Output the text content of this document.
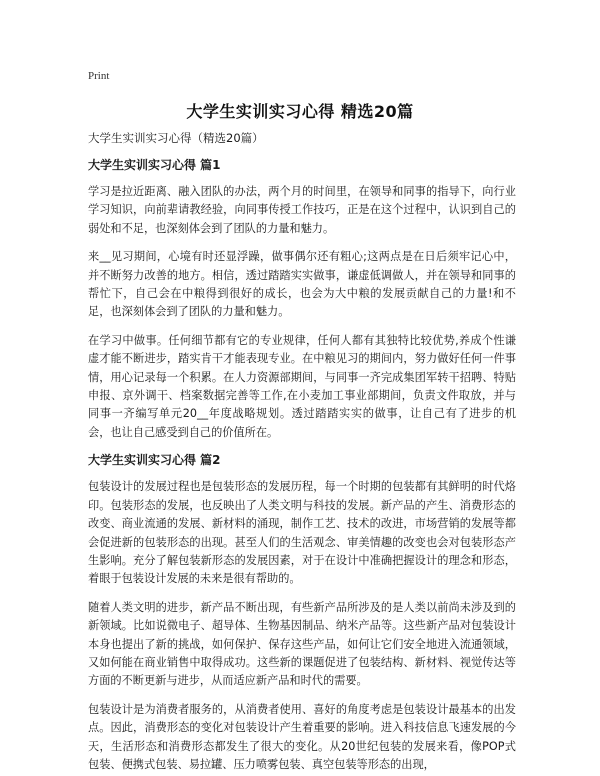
Print
大学生实训实习心得 精选20篇
大学生实训实习心得（精选20篇）
大学生实训实习心得 篇1

学习是拉近距离、融入团队的办法，两个月的时间里，在领导和同事的指导下，向行业学习知识，向前辈请教经验，向同事传授工作技巧，正是在这个过程中，认识到自己的弱处和不足，也深刻体会到了团队的力量和魅力。

来__见习期间，心境有时还显浮躁，做事偶尔还有粗心;这两点是在日后须牢记心中，并不断努力改善的地方。相信，透过踏踏实实做事，谦虚低调做人，并在领导和同事的帮忙下，自己会在中粮得到很好的成长，也会为大中粮的发展贡献自己的力量!和不足，也深刻体会到了团队的力量和魅力。

在学习中做事。任何细节都有它的专业规律，任何人都有其独特比较优势,养成个性谦虚才能不断进步，踏实肯干才能表现专业。在中粮见习的期间内，努力做好任何一件事情，用心记录每一个积累。在人力资源部期间，与同事一齐完成集团军转干招聘、特贴申报、京外调干、档案数据完善等工作,在小麦加工事业部期间，负责文件取放，并与同事一齐编写单元20__年度战略规划。透过踏踏实实的做事，让自己有了进步的机会，也让自己感受到自己的价值所在。

大学生实训实习心得 篇2

包装设计的发展过程也是包装形态的发展历程，每一个时期的包装都有其鲜明的时代烙印。包装形态的发展，也反映出了人类文明与科技的发展。新产品的产生、消费形态的改变、商业流通的发展、新材料的涌现，制作工艺、技术的改进，市场营销的发展等都会促进新的包装形态的出现。甚至人们的生活观念、审美情趣的改变也会对包装形态产生影响。充分了解包装新形态的发展因素，对于在设计中准确把握设计的理念和形态，着眼于包装设计发展的未来是很有帮助的。

随着人类文明的进步，新产品不断出现，有些新产品所涉及的是人类以前尚未涉及到的新领域。比如说微电子、超导体、生物基因制品、纳米产品等。这些新产品对包装设计本身也提出了新的挑战，如何保护、保存这些产品，如何让它们安全地进入流通领域，又如何能在商业销售中取得成功。这些新的课题促进了包装结构、新材料、视觉传达等方面的不断更新与进步，从而适应新产品和时代的需要。

包装设计是为消费者服务的，从消费者使用、喜好的角度考虑是包装设计最基本的出发点。因此，消费形态的变化对包装设计产生着重要的影响。进入科技信息飞速发展的今天，生活形态和消费形态都发生了很大的变化。从20世纪包装的发展来看，像POP式包装、便携式包装、易拉罐、压力喷雾包装、真空包装等形态的出现，
